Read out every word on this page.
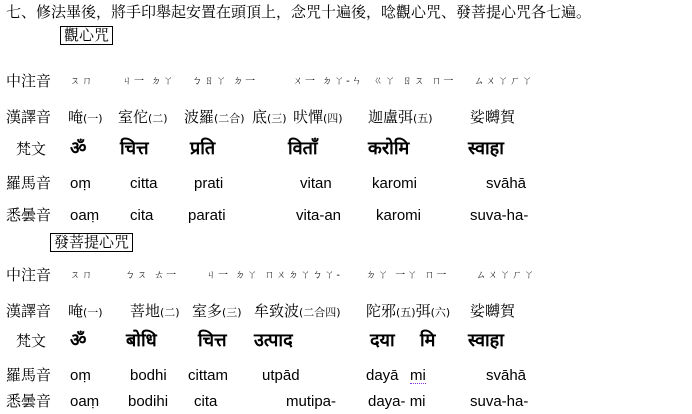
七、修法畢後，將手印舉起安置在頭頂上，念咒十遍後，唸觀心咒、發菩提心咒各七遍。
觀心咒
中注音 ㄡㄇ	ㄐ一 ㄉㄚ ㄅㄖㄚ ㄉ一	ㄨ一 ㄉㄚ-ㄣ ㄍㄚ ㄖㄡ ㄇ一 ㄙㄨㄚㄏㄚ
漢譯音 唵(一) 室佗(二) 波羅(二合) 底(三) 吠憚(四) 迦盧弭(五) 娑嚩賀
梵文 ॐ चित्त प्रति	विताँ	करोमि	स्वाहा
羅馬音 oṃ	citta prati	vitan	karomi	svāhā
悉曇音 oaṃ cita parati	vita-an karomi	suva-ha-
發菩提心咒
中注音 ㄡㄇ	ㄅㄡ ㄊ一	ㄐ一 ㄉㄚ ㄇㄨㄉㄚㄅㄚ- ㄉㄚ 一ㄚ ㄇ一	ㄙㄨㄚㄏㄚ
漢譯音 唵(一) 菩地(二) 室多(三) 牟致波(二合四) 陀邪(五)弭(六) 娑嚩賀
梵文 ॐ बोधि चित्त उत्पाद	दया मि स्वाहा
羅馬音 oṃ	bodhi cittam utpād	dayā mi	svāhā
悉曇音 oaṃ bodihi cita	mutipa- daya- mi	suva-ha-
